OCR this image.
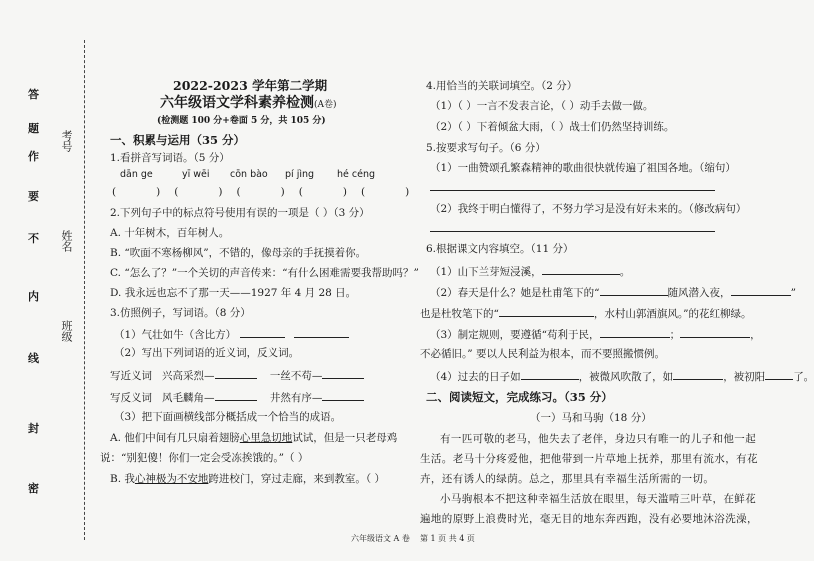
答
题
作
要
不
内
线
封
密
考号
姓名
班级
2022-2023 学年第二学期
六年级语文学科素养检测(A卷)
(检测题 100 分+卷面 5 分，共 105 分)
一、积累与运用（35 分）
1.看拼音写词语。（5 分）
dān ge	yī wēi cōn bào pí jìng hé céng
(         )   (         )   (         )   (         )   (         )
2.下列句子中的标点符号使用有误的一项是（ ）（3 分）
A. 十年树木，百年树人。
B. “吹面不寒杨柳风”，不错的，像母亲的手抚摸着你。
C. “怎么了？”一个关切的声音传来：“有什么困难需要我帮助吗？”
D. 我永远也忘不了那一天——1927 年 4 月 28 日。
3.仿照例子，写词语。（8 分）
（1）气壮如牛（含比方）
（2）写出下列词语的近义词，反义词。
写近义词 兴高采烈—	一丝不苟—
写反义词 风毛麟角—	井然有序—
（3）把下面画横线部分概括成一个恰当的成语。
A. 他们中间有几只扇着翅膀心里急切地试试，但是一只老母鸡
说：“别犯傻！你们一定会受冻挨饿的。”（ ）
B. 我心神极为不安地跨进校门，穿过走廊，来到教室。（ ）
4.用恰当的关联词填空。（2 分）
（1）（ ）一言不发表言论，（ ）动手去做一做。
（2）（ ）下着倾盆大雨，（ ）战士们仍然坚持训练。
5.按要求写句子。（6 分）
（1）一曲赞颂孔繁森精神的歌曲很快就传遍了祖国各地。（缩句）
（2）我终于明白懂得了，不努力学习是没有好未来的。（修改病句）
6.根据课文内容填空。（11 分）
（1）山下兰芽短浸溪，	。
（2）春天是什么？她是杜甫笔下的“	随风潜入夜，	”
也是杜牧笔下的“	，水村山郭酒旗风。”的花红柳绿。
（3）制定规则，要遵循“苟利于民，	；	，
不必循旧。” 要以人民利益为根本，而不要照搬惯例。
（4）过去的日子如	，被微风吹散了，如	，被初阳	了。
二、阅读短文，完成练习。（35 分）
（一）马和马驹（18 分）
有一匹可敬的老马，他失去了老伴，身边只有唯一的儿子和他一起
生活。老马十分疼爱他，把他带到一片草地上抚养，那里有流水，有花
卉，还有诱人的绿荫。总之，那里具有幸福生活所需的一切。
小马驹根本不把这种幸福生活放在眼里，每天滥啃三叶草，在鲜花
遍地的原野上浪费时光，毫无目的地东奔西跑，没有必要地沐浴洗澡，
六年级语文 A 卷 第 1 页 共 4 页
